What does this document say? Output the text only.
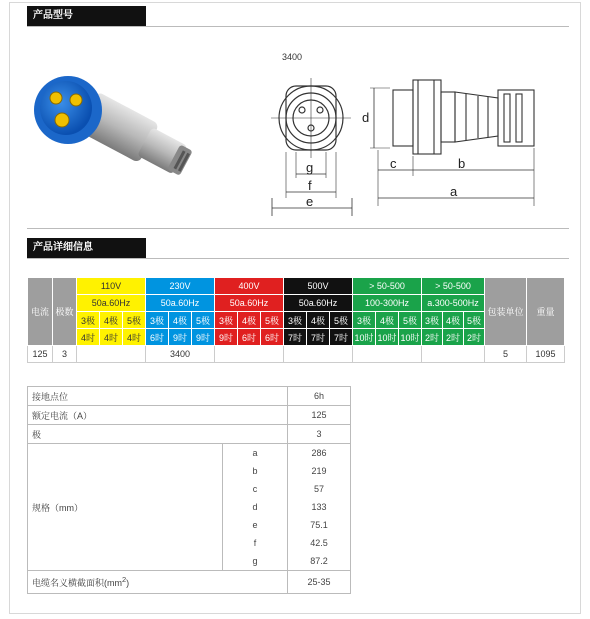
产品型号
3400
g
f
e
d
c	b
a
产品详细信息
电流	极数	110V			230V			400V			500V			> 50-500			> 50-500			包装单位	重量
		50a.60Hz			50a.60Hz			50a.60Hz			50a.60Hz			100-300Hz			a.300-500Hz				
		3极	4极	5极	3极	4极	5极	3极	4极	5极	3极	4极	5极	3极	4极	5极	3极	4极	5极		
		4时	4时	4时	6时	9时	9时	9时	6时	6时	7时	7时	7时	10时	10时	10时	2时	2时	2时		
125	3				3400															5	1095
接地点位		6h
额定电流（A）		125
极		3
规格（mm）	a	286
	b	219
	c	57
	d	133
	e	75.1
	f	42.5
	g	87.2
电缆名义横截面积$(mm^2)$		25-35
